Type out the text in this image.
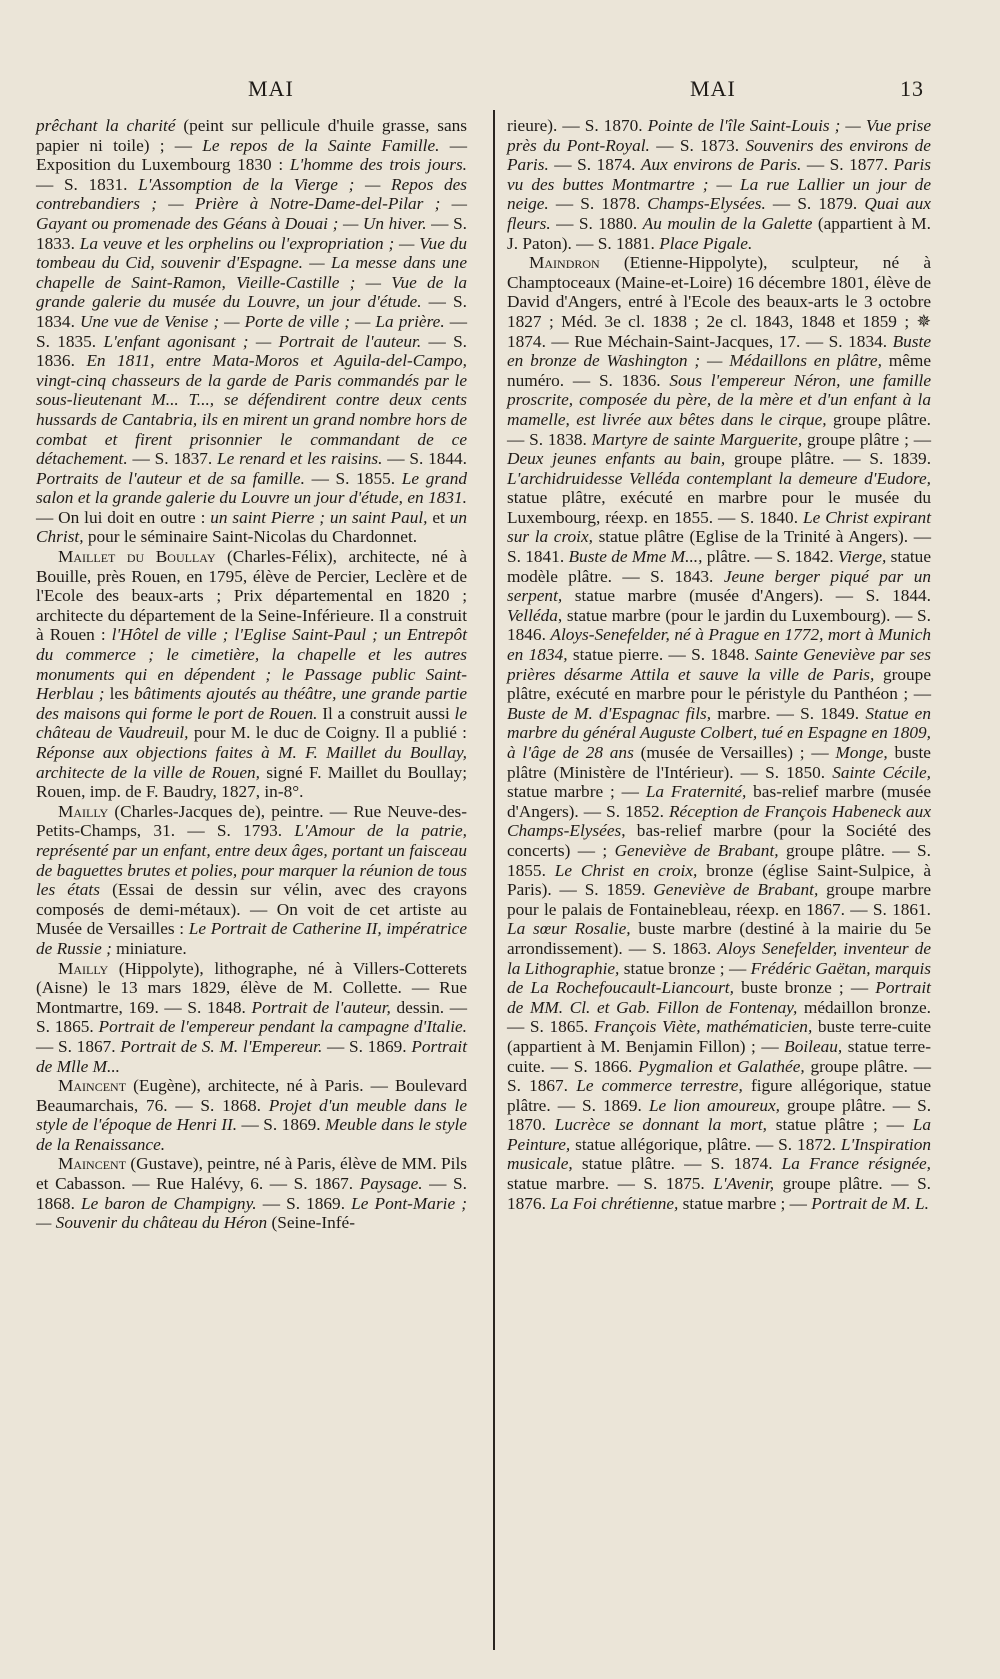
MAI	MAI	13

prêchant la charité (peint sur pellicule d'huile grasse, sans papier ni toile) ; — Le repos de la Sainte Famille. — Exposition du Luxembourg 1830 : L'homme des trois jours. — S. 1831. L'Assomption de la Vierge ; — Repos des contrebandiers ; — Prière à Notre-Dame-del-Pilar ; — Gayant ou promenade des Géans à Douai ; — Un hiver. — S. 1833. La veuve et les orphelins ou l'expropriation ; — Vue du tombeau du Cid, souvenir d'Espagne. — La messe dans une chapelle de Saint-Ramon, Vieille-Castille ; — Vue de la grande galerie du musée du Louvre, un jour d'étude. — S. 1834. Une vue de Venise ; — Porte de ville ; — La prière. — S. 1835. L'enfant agonisant ; — Portrait de l'auteur. — S. 1836. En 1811, entre Mata-Moros et Aguila-del-Campo, vingt-cinq chasseurs de la garde de Paris commandés par le sous-lieutenant M... T..., se défendirent contre deux cents hussards de Cantabria, ils en mirent un grand nombre hors de combat et firent prisonnier le commandant de ce détachement. — S. 1837. Le renard et les raisins. — S. 1844. Portraits de l'auteur et de sa famille. — S. 1855. Le grand salon et la grande galerie du Louvre un jour d'étude, en 1831. — On lui doit en outre : un saint Pierre ; un saint Paul, et un Christ, pour le séminaire Saint-Nicolas du Chardonnet.

Maillet du Boullay (Charles-Félix), architecte, né à Bouille, près Rouen, en 1795, élève de Percier, Leclère et de l'Ecole des beaux-arts ; Prix départemental en 1820 ; architecte du département de la Seine-Inférieure. Il a construit à Rouen : l'Hôtel de ville ; l'Eglise Saint-Paul ; un Entrepôt du commerce ; le cimetière, la chapelle et les autres monuments qui en dépendent ; le Passage public Saint-Herblau ; les bâtiments ajoutés au théâtre, une grande partie des maisons qui forme le port de Rouen. Il a construit aussi le château de Vaudreuil, pour M. le duc de Coigny. Il a publié : Réponse aux objections faites à M. F. Maillet du Boullay, architecte de la ville de Rouen, signé F. Maillet du Boullay; Rouen, imp. de F. Baudry, 1827, in-8°.

Mailly (Charles-Jacques de), peintre. — Rue Neuve-des-Petits-Champs, 31. — S. 1793. L'Amour de la patrie, représenté par un enfant, entre deux âges, portant un faisceau de baguettes brutes et polies, pour marquer la réunion de tous les états (Essai de dessin sur vélin, avec des crayons composés de demi-métaux). — On voit de cet artiste au Musée de Versailles : Le Portrait de Catherine II, impératrice de Russie ; miniature.

Mailly (Hippolyte), lithographe, né à Villers-Cotterets (Aisne) le 13 mars 1829, élève de M. Collette. — Rue Montmartre, 169. — S. 1848. Portrait de l'auteur, dessin. — S. 1865. Portrait de l'empereur pendant la campagne d'Italie. — S. 1867. Portrait de S. M. l'Empereur. — S. 1869. Portrait de Mlle M...

Maincent (Eugène), architecte, né à Paris. — Boulevard Beaumarchais, 76. — S. 1868. Projet d'un meuble dans le style de l'époque de Henri II. — S. 1869. Meuble dans le style de la Renaissance.

Maincent (Gustave), peintre, né à Paris, élève de MM. Pils et Cabasson. — Rue Halévy, 6. — S. 1867. Paysage. — S. 1868. Le baron de Champigny. — S. 1869. Le Pont-Marie ; — Souvenir du château du Héron (Seine-Infé-

rieure). — S. 1870. Pointe de l'île Saint-Louis ; — Vue prise près du Pont-Royal. — S. 1873. Souvenirs des environs de Paris. — S. 1874. Aux environs de Paris. — S. 1877. Paris vu des buttes Montmartre ; — La rue Lallier un jour de neige. — S. 1878. Champs-Elysées. — S. 1879. Quai aux fleurs. — S. 1880. Au moulin de la Galette (appartient à M. J. Paton). — S. 1881. Place Pigale.

Maindron (Etienne-Hippolyte), sculpteur, né à Champtoceaux (Maine-et-Loire) 16 décembre 1801, élève de David d'Angers, entré à l'Ecole des beaux-arts le 3 octobre 1827 ; Méd. 3e cl. 1838 ; 2e cl. 1843, 1848 et 1859 ; ✵ 1874. — Rue Méchain-Saint-Jacques, 17. — S. 1834. Buste en bronze de Washington ; — Médaillons en plâtre, même numéro. — S. 1836. Sous l'empereur Néron, une famille proscrite, composée du père, de la mère et d'un enfant à la mamelle, est livrée aux bêtes dans le cirque, groupe plâtre. — S. 1838. Martyre de sainte Marguerite, groupe plâtre ; — Deux jeunes enfants au bain, groupe plâtre. — S. 1839. L'archidruidesse Velléda contemplant la demeure d'Eudore, statue plâtre, exécuté en marbre pour le musée du Luxembourg, réexp. en 1855. — S. 1840. Le Christ expirant sur la croix, statue plâtre (Eglise de la Trinité à Angers). — S. 1841. Buste de Mme M..., plâtre. — S. 1842. Vierge, statue modèle plâtre. — S. 1843. Jeune berger piqué par un serpent, statue marbre (musée d'Angers). — S. 1844. Velléda, statue marbre (pour le jardin du Luxembourg). — S. 1846. Aloys-Senefelder, né à Prague en 1772, mort à Munich en 1834, statue pierre. — S. 1848. Sainte Geneviève par ses prières désarme Attila et sauve la ville de Paris, groupe plâtre, exécuté en marbre pour le péristyle du Panthéon ; — Buste de M. d'Espagnac fils, marbre. — S. 1849. Statue en marbre du général Auguste Colbert, tué en Espagne en 1809, à l'âge de 28 ans (musée de Versailles) ; — Monge, buste plâtre (Ministère de l'Intérieur). — S. 1850. Sainte Cécile, statue marbre ; — La Fraternité, bas-relief marbre (musée d'Angers). — S. 1852. Réception de François Habeneck aux Champs-Elysées, bas-relief marbre (pour la Société des concerts) — ; Geneviève de Brabant, groupe plâtre. — S. 1855. Le Christ en croix, bronze (église Saint-Sulpice, à Paris). — S. 1859. Geneviève de Brabant, groupe marbre pour le palais de Fontainebleau, réexp. en 1867. — S. 1861. La sœur Rosalie, buste marbre (destiné à la mairie du 5e arrondissement). — S. 1863. Aloys Senefelder, inventeur de la Lithographie, statue bronze ; — Frédéric Gaëtan, marquis de La Rochefoucault-Liancourt, buste bronze ; — Portrait de MM. Cl. et Gab. Fillon de Fontenay, médaillon bronze. — S. 1865. François Viète, mathématicien, buste terre-cuite (appartient à M. Benjamin Fillon) ; — Boileau, statue terre-cuite. — S. 1866. Pygmalion et Galathée, groupe plâtre. — S. 1867. Le commerce terrestre, figure allégorique, statue plâtre. — S. 1869. Le lion amoureux, groupe plâtre. — S. 1870. Lucrèce se donnant la mort, statue plâtre ; — La Peinture, statue allégorique, plâtre. — S. 1872. L'Inspiration musicale, statue plâtre. — S. 1874. La France résignée, statue marbre. — S. 1875. L'Avenir, groupe plâtre. — S. 1876. La Foi chrétienne, statue marbre ; — Portrait de M. L.
